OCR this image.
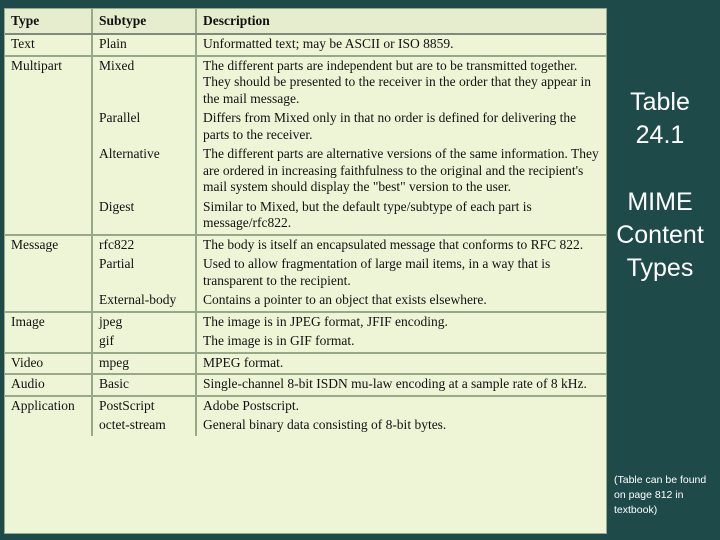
Type	Subtype	Description
Text	Plain	Unformatted text; may be ASCII or ISO 8859.
Multipart	Mixed	The different parts are independent but are to be transmitted together. They should be presented to the receiver in the order that they appear in the mail message.
	Parallel	Differs from Mixed only in that no order is defined for delivering the parts to the receiver.
	Alternative	The different parts are alternative versions of the same information. They are ordered in increasing faithfulness to the original and the recipient's mail system should display the "best" version to the user.
	Digest	Similar to Mixed, but the default type/subtype of each part is message/rfc822.
Message	rfc822	The body is itself an encapsulated message that conforms to RFC 822.
	Partial	Used to allow fragmentation of large mail items, in a way that is transparent to the recipient.
	External-body	Contains a pointer to an object that exists elsewhere.
Image	jpeg	The image is in JPEG format, JFIF encoding.
	gif	The image is in GIF format.
Video	mpeg	MPEG format.
Audio	Basic	Single-channel 8-bit ISDN mu-law encoding at a sample rate of 8 kHz.
Application	PostScript	Adobe Postscript.
	octet-stream	General binary data consisting of 8-bit bytes.
Table
24.1
MIME
Content
Types
(Table can be found on page 812 in textbook)
